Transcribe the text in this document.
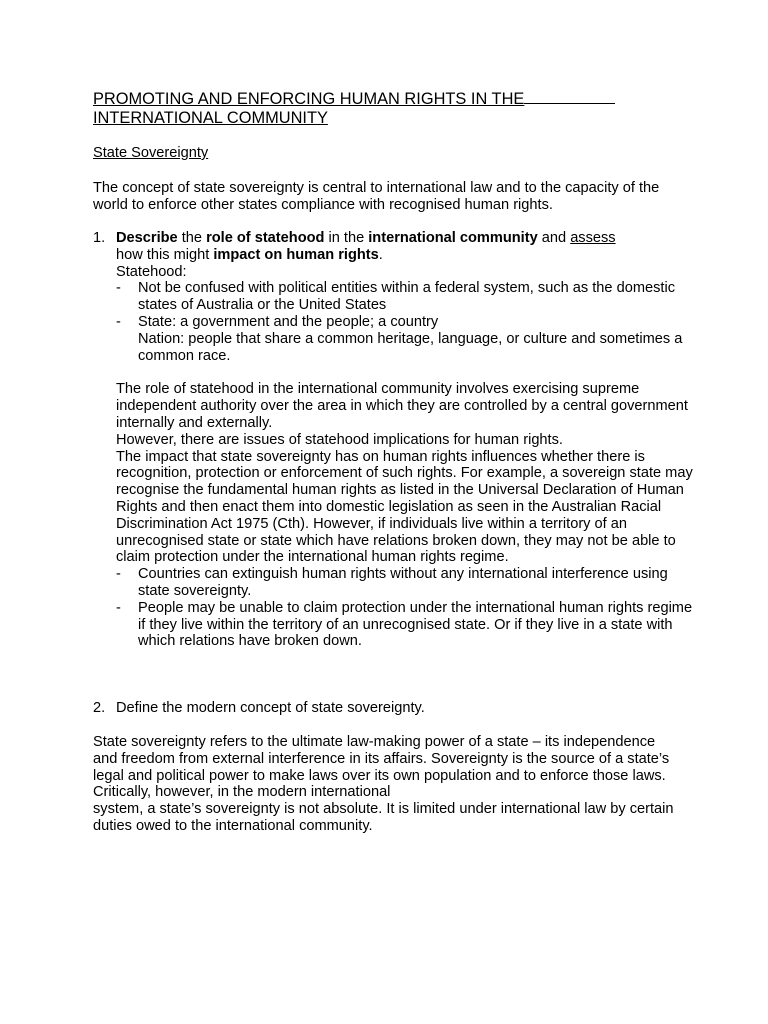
PROMOTING AND ENFORCING HUMAN RIGHTS IN THE
INTERNATIONAL COMMUNITY
State Sovereignty
The concept of state sovereignty is central to international law and to the capacity of the world to enforce other states compliance with recognised human rights.
1. Describe the role of statehood in the international community and assess
how this might impact on human rights.
Statehood:
- Not be confused with political entities within a federal system, such as the domestic states of Australia or the United States
- State: a government and the people; a country
Nation: people that share a common heritage, language, or culture and sometimes a common race.
The role of statehood in the international community involves exercising supreme independent authority over the area in which they are controlled by a central government internally and externally.
However, there are issues of statehood implications for human rights.
The impact that state sovereignty has on human rights influences whether there is recognition, protection or enforcement of such rights. For example, a sovereign state may recognise the fundamental human rights as listed in the Universal Declaration of Human Rights and then enact them into domestic legislation as seen in the Australian Racial Discrimination Act 1975 (Cth). However, if individuals live within a territory of an unrecognised state or state which have relations broken down, they may not be able to claim protection under the international human rights regime.
- Countries can extinguish human rights without any international interference using state sovereignty.
- People may be unable to claim protection under the international human rights regime if they live within the territory of an unrecognised state. Or if they live in a state with which relations have broken down.
2. Define the modern concept of state sovereignty.
State sovereignty refers to the ultimate law-making power of a state – its independence and freedom from external interference in its affairs. Sovereignty is the source of a state’s legal and political power to make laws over its own population and to enforce those laws. Critically, however, in the modern international
system, a state’s sovereignty is not absolute. It is limited under international law by certain duties owed to the international community.
